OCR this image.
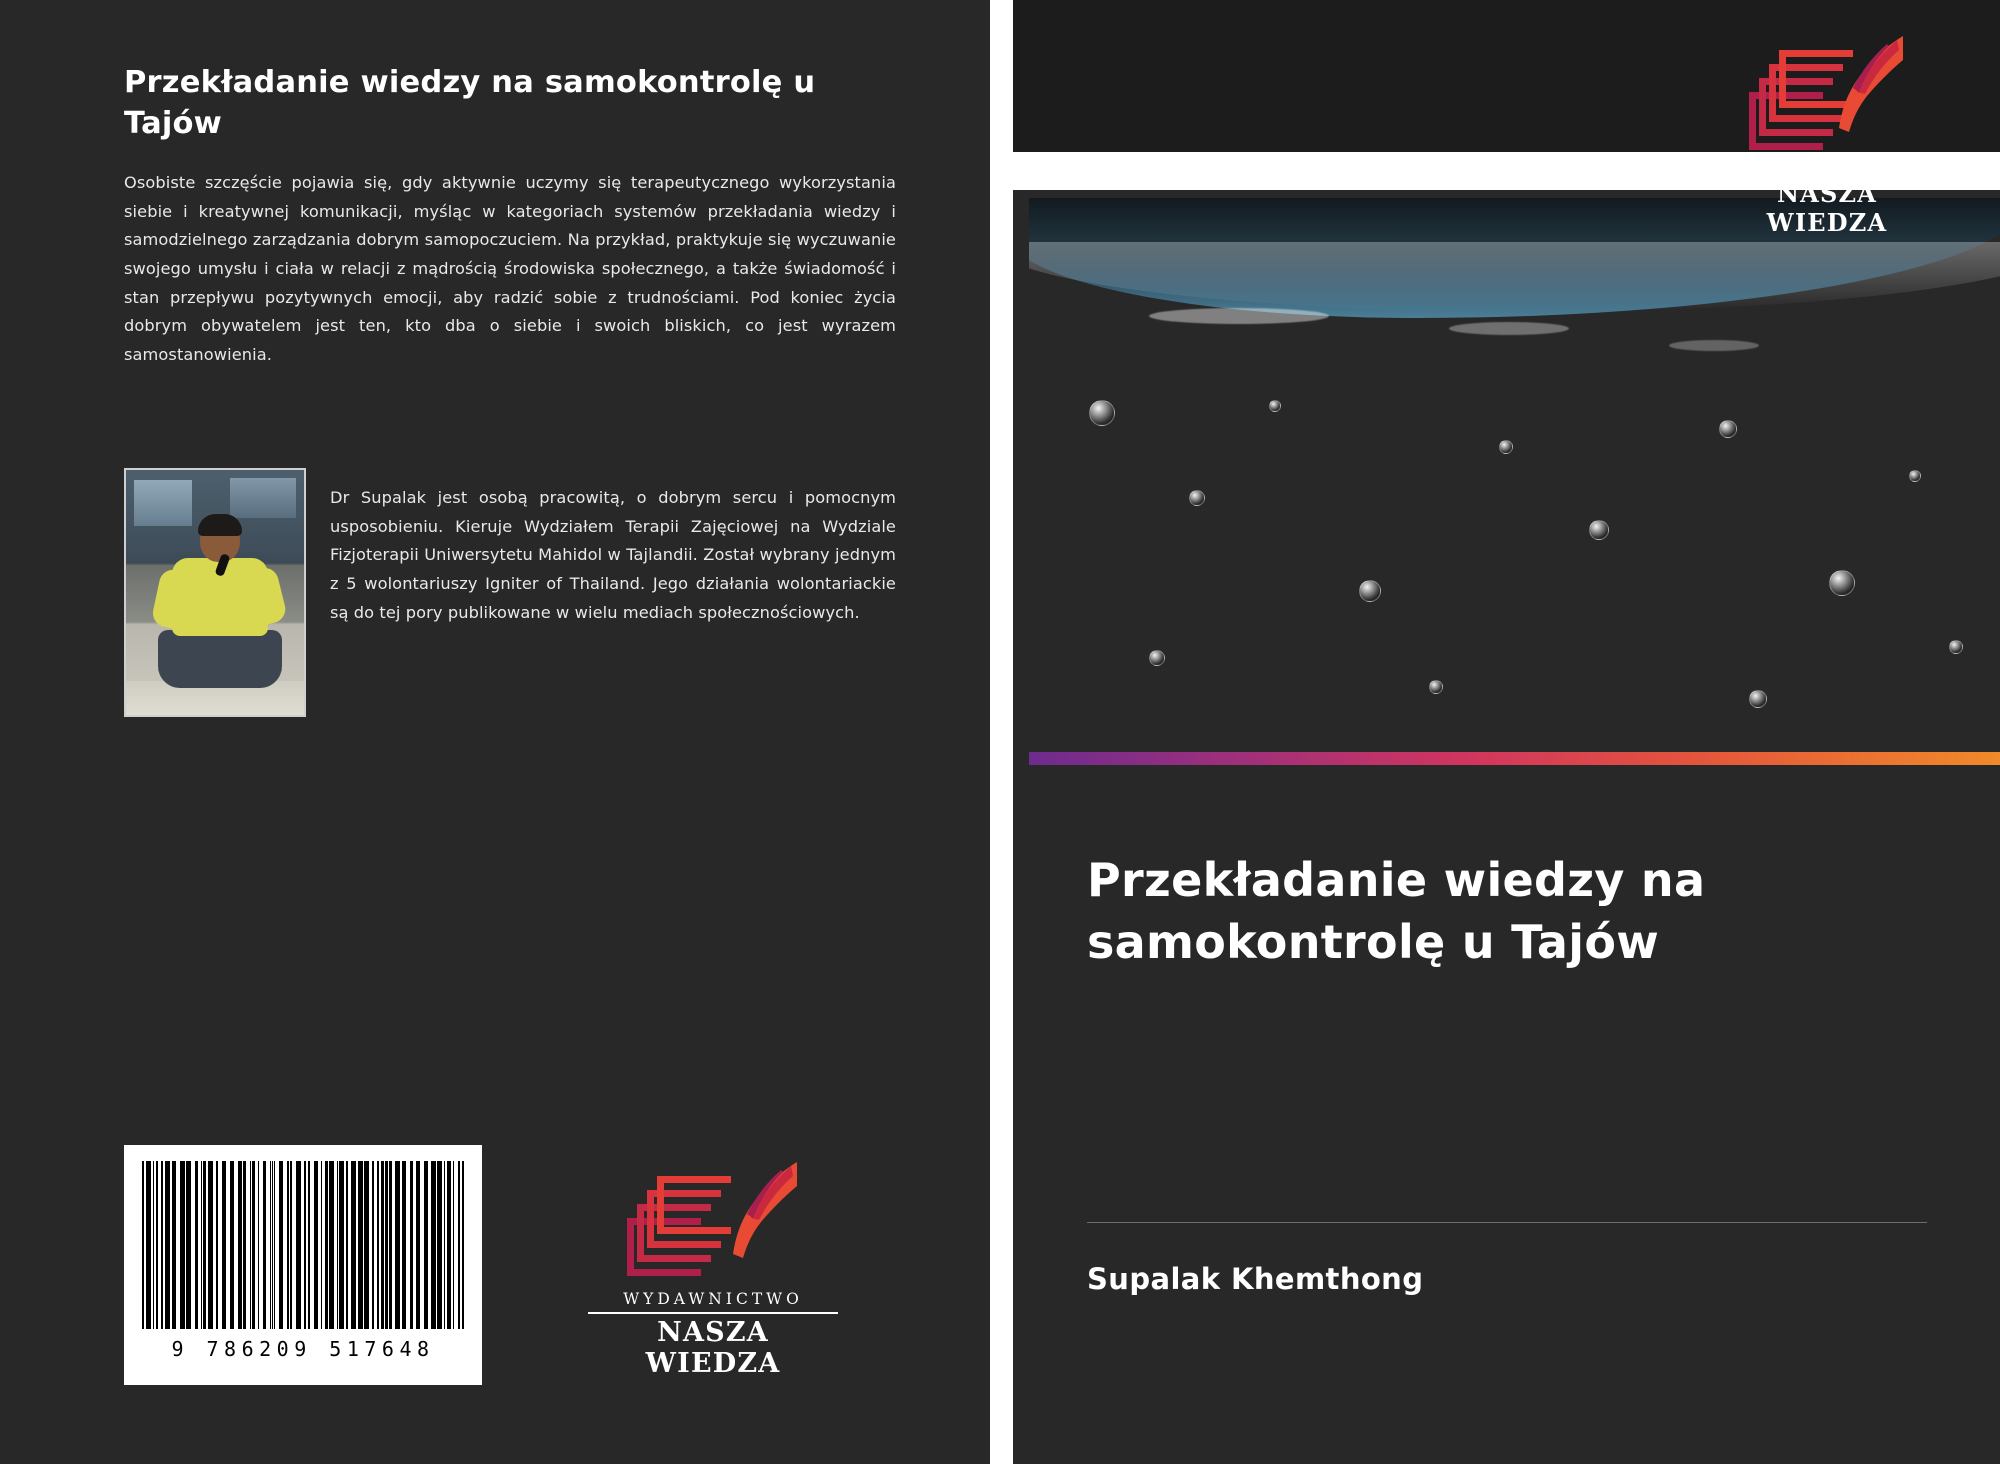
Przekładanie wiedzy na samokontrolę u Tajów

Osobiste szczęście pojawia się, gdy aktywnie uczymy się terapeutycznego wykorzystania siebie i kreatywnej komunikacji, myśląc w kategoriach systemów przekładania wiedzy i samodzielnego zarządzania dobrym samopoczuciem. Na przykład, praktykuje się wyczuwanie swojego umysłu i ciała w relacji z mądrością środowiska społecznego, a także świadomość i stan przepływu pozytywnych emocji, aby radzić sobie z trudnościami. Pod koniec życia dobrym obywatelem jest ten, kto dba o siebie i swoich bliskich, co jest wyrazem samostanowienia.

Dr Supalak jest osobą pracowitą, o dobrym sercu i pomocnym usposobieniu. Kieruje Wydziałem Terapii Zajęciowej na Wydziale Fizjoterapii Uniwersytetu Mahidol w Tajlandii. Został wybrany jednym z 5 wolontariuszy Igniter of Thailand. Jego działania wolontariackie są do tej pory publikowane w wielu mediach społecznościowych.
9 786209 517648
WYDAWNICTWO
NASZA WIEDZA
Przekładanie wiedzy na samokontrolę u Tajów
Supalak Khemthong
WYDAWNICTWO
NASZA WIEDZA
